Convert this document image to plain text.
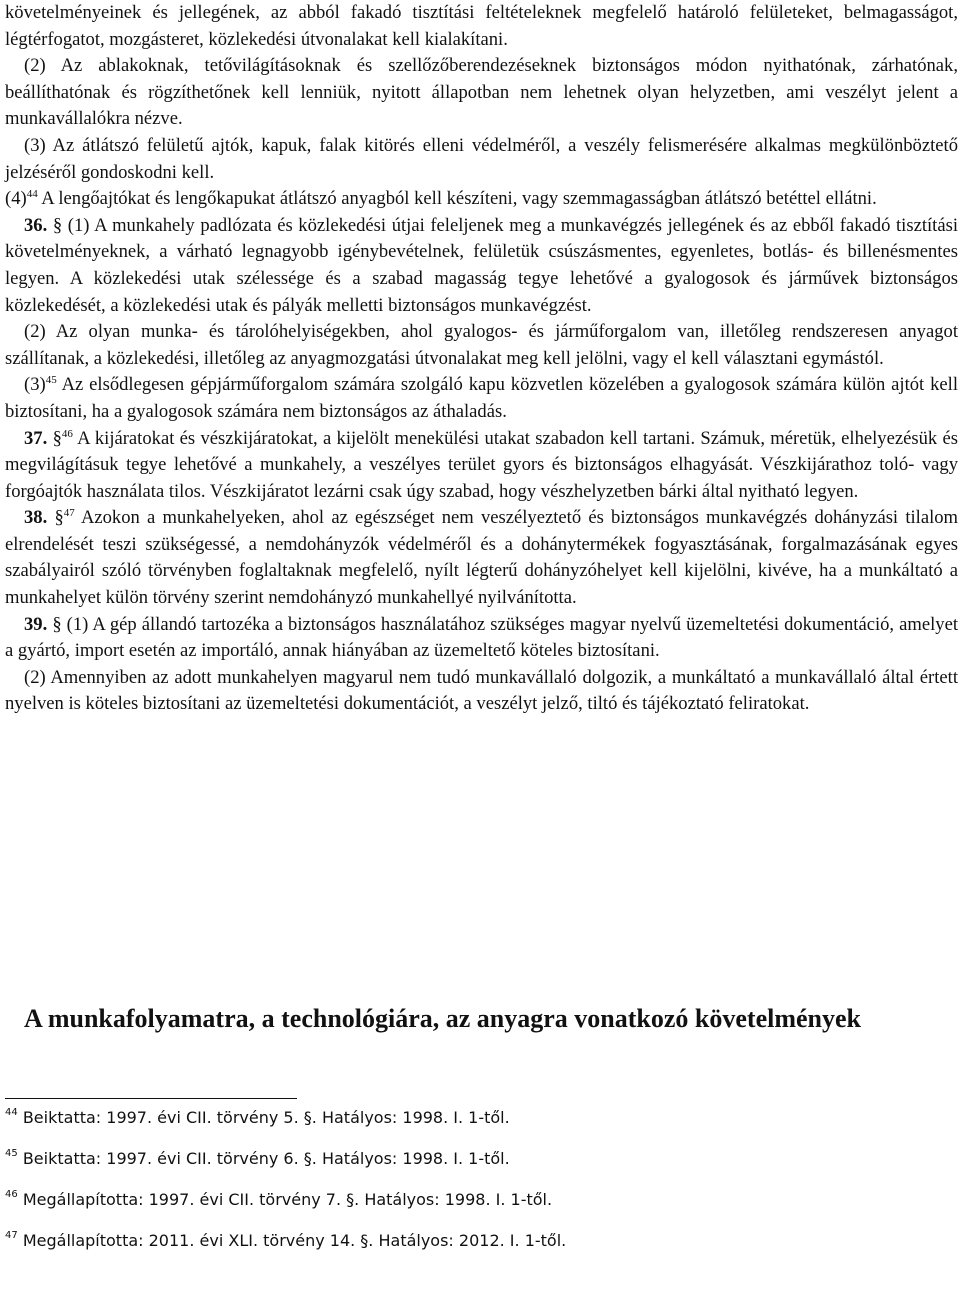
követelményeinek és jellegének, az abból fakadó tisztítási feltételeknek megfelelő határoló felületeket, belmagasságot, légtérfogatot, mozgásteret, közlekedési útvonalakat kell kialakítani.

(2) Az ablakoknak, tetővilágításoknak és szellőzőberendezéseknek biztonságos módon nyithatónak, zárhatónak, beállíthatónak és rögzíthetőnek kell lenniük, nyitott állapotban nem lehetnek olyan helyzetben, ami veszélyt jelent a munkavállalókra nézve.

(3) Az átlátszó felületű ajtók, kapuk, falak kitörés elleni védelméről, a veszély felismerésére alkalmas megkülönböztető jelzéséről gondoskodni kell.

$(4)^{44}$ A lengőajtókat és lengőkapukat átlátszó anyagból kell készíteni, vagy szemmagasságban átlátszó betéttel ellátni.

36. § (1) A munkahely padlózata és közlekedési útjai feleljenek meg a munkavégzés jellegének és az ebből fakadó tisztítási követelményeknek, a várható legnagyobb igénybevételnek, felületük csúszásmentes, egyenletes, botlás- és billenésmentes legyen. A közlekedési utak szélessége és a szabad magasság tegye lehetővé a gyalogosok és járművek biztonságos közlekedését, a közlekedési utak és pályák melletti biztonságos munkavégzést.

(2) Az olyan munka- és tárolóhelyiségekben, ahol gyalogos- és járműforgalom van, illetőleg rendszeresen anyagot szállítanak, a közlekedési, illetőleg az anyagmozgatási útvonalakat meg kell jelölni, vagy el kell választani egymástól.

$(3)^{45}$ Az elsődlegesen gépjárműforgalom számára szolgáló kapu közvetlen közelében a gyalogosok számára külön ajtót kell biztosítani, ha a gyalogosok számára nem biztonságos az áthaladás.

37. §$^{46}$ A kijáratokat és vészkijáratokat, a kijelölt menekülési utakat szabadon kell tartani. Számuk, méretük, elhelyezésük és megvilágításuk tegye lehetővé a munkahely, a veszélyes terület gyors és biztonságos elhagyását. Vészkijárathoz toló- vagy forgóajtók használata tilos. Vészkijáratot lezárni csak úgy szabad, hogy vészhelyzetben bárki által nyitható legyen.

38. §$^{47}$ Azokon a munkahelyeken, ahol az egészséget nem veszélyeztető és biztonságos munkavégzés dohányzási tilalom elrendelését teszi szükségessé, a nemdohányzók védelméről és a dohánytermékek fogyasztásának, forgalmazásának egyes szabályairól szóló törvényben foglaltaknak megfelelő, nyílt légterű dohányzóhelyet kell kijelölni, kivéve, ha a munkáltató a munkahelyet külön törvény szerint nemdohányzó munkahellyé nyilvánította.

39. § (1) A gép állandó tartozéka a biztonságos használatához szükséges magyar nyelvű üzemeltetési dokumentáció, amelyet a gyártó, import esetén az importáló, annak hiányában az üzemeltető köteles biztosítani.

(2) Amennyiben az adott munkahelyen magyarul nem tudó munkavállaló dolgozik, a munkáltató a munkavállaló által értett nyelven is köteles biztosítani az üzemeltetési dokumentációt, a veszélyt jelző, tiltó és tájékoztató feliratokat.

A munkafolyamatra, a technológiára, az anyagra vonatkozó követelmények

$^{44}$ Beiktatta: 1997. évi CII. törvény 5. §. Hatályos: 1998. I. 1-től.

$^{45}$ Beiktatta: 1997. évi CII. törvény 6. §. Hatályos: 1998. I. 1-től.

$^{46}$ Megállapította: 1997. évi CII. törvény 7. §. Hatályos: 1998. I. 1-től.

$^{47}$ Megállapította: 2011. évi XLI. törvény 14. §. Hatályos: 2012. I. 1-től.
